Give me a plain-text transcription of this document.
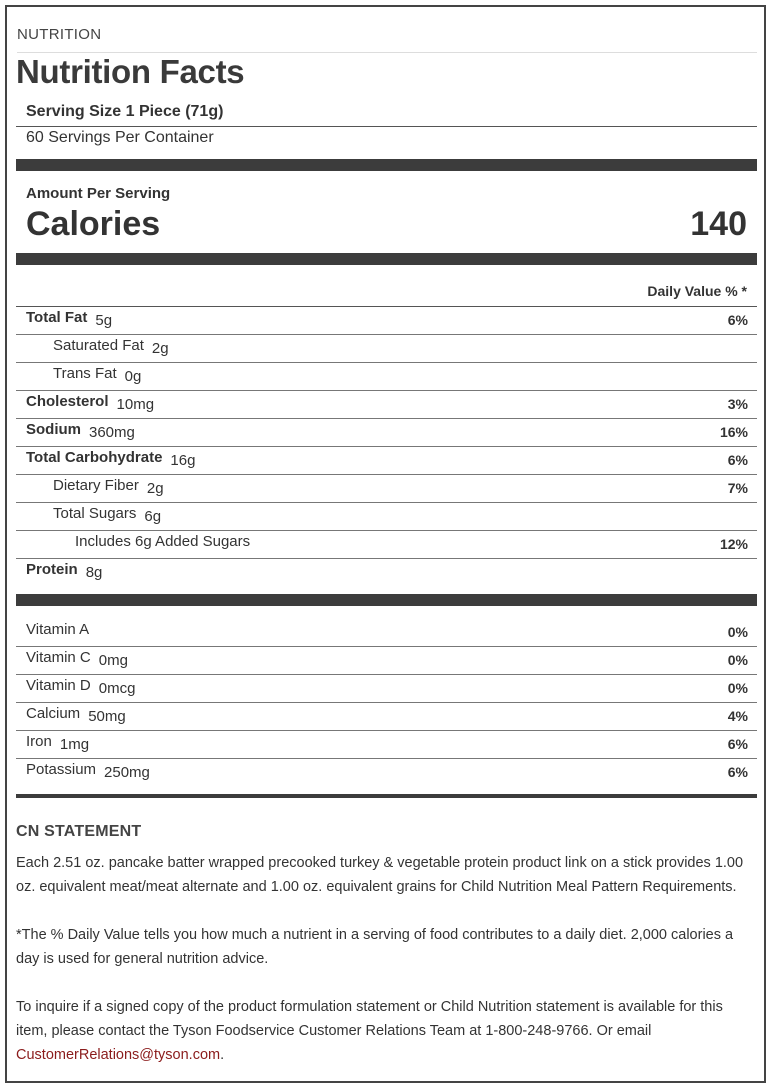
NUTRITION
Nutrition Facts
Serving Size 1 Piece (71g)
60 Servings Per Container
Amount Per Serving
Calories	140
Daily Value % *
Total Fat 5g	6%
Saturated Fat 2g
Trans Fat 0g
Cholesterol 10mg	3%
Sodium 360mg	16%
Total Carbohydrate 16g	6%
Dietary Fiber 2g	7%
Total Sugars 6g
Includes 6g Added Sugars	12%
Protein 8g
Vitamin A	0%
Vitamin C 0mg	0%
Vitamin D 0mcg	0%
Calcium 50mg	4%
Iron 1mg	6%
Potassium 250mg	6%
CN STATEMENT
Each 2.51 oz. pancake batter wrapped precooked turkey & vegetable protein product link on a stick provides 1.00 oz. equivalent meat/meat alternate and 1.00 oz. equivalent grains for Child Nutrition Meal Pattern Requirements.
*The % Daily Value tells you how much a nutrient in a serving of food contributes to a daily diet. 2,000 calories a day is used for general nutrition advice.
To inquire if a signed copy of the product formulation statement or Child Nutrition statement is available for this item, please contact the Tyson Foodservice Customer Relations Team at 1-800-248-9766. Or email CustomerRelations@tyson.com.
